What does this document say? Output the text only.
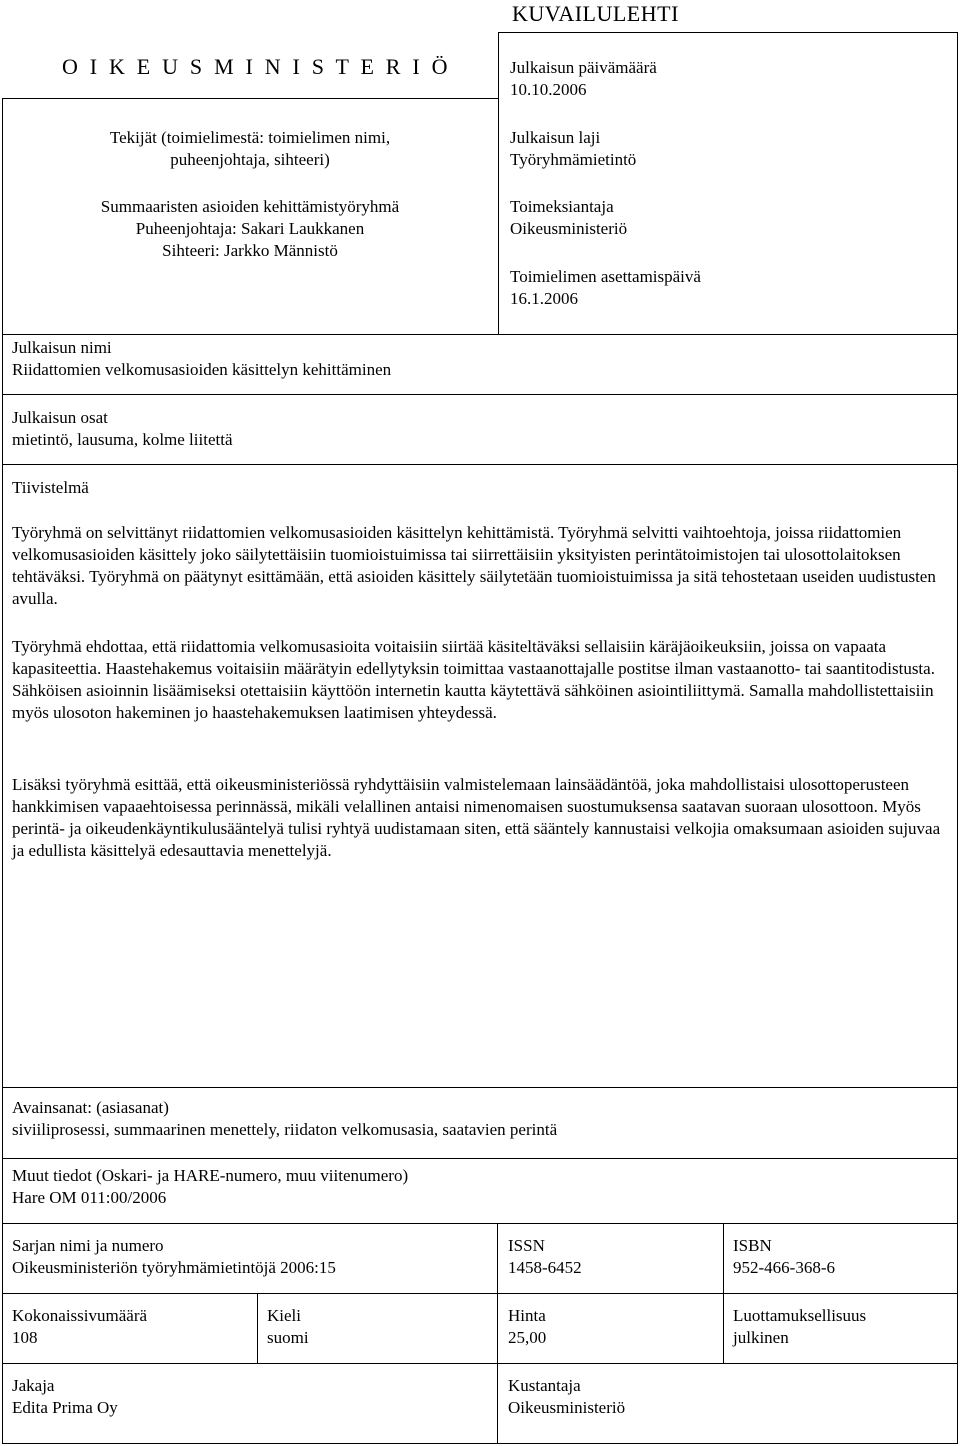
O I K E U S M I N I S T E R I Ö
KUVAILULEHTI
Tekijät (toimielimestä: toimielimen nimi,
puheenjohtaja, sihteeri)
Summaaristen asioiden kehittämistyöryhmä
Puheenjohtaja: Sakari Laukkanen
Sihteeri: Jarkko Männistö
Julkaisun päivämäärä
10.10.2006
Julkaisun laji
Työryhmämietintö
Toimeksiantaja
Oikeusministeriö
Toimielimen asettamispäivä
16.1.2006
Julkaisun nimi
Riidattomien velkomusasioiden käsittelyn kehittäminen
Julkaisun osat
mietintö, lausuma, kolme liitettä
Tiivistelmä

Työryhmä on selvittänyt riidattomien velkomusasioiden käsittelyn kehittämistä. Työryhmä selvitti vaihtoehtoja, joissa riidattomien velkomusasioiden käsittely joko säilytettäisiin tuomioistuimissa tai siirrettäisiin yksityisten perintätoimistojen tai ulosottolaitoksen tehtäväksi. Työryhmä on päätynyt esittämään, että asioiden käsittely säilytetään tuomioistuimissa ja sitä tehostetaan useiden uudistusten avulla.

Työryhmä ehdottaa, että riidattomia velkomusasioita voitaisiin siirtää käsiteltäväksi sellaisiin käräjäoikeuksiin, joissa on vapaata kapasiteettia. Haastehakemus voitaisiin määrätyin edellytyksin toimittaa vastaanottajalle postitse ilman vastaanotto- tai saantitodistusta. Sähköisen asioinnin lisäämiseksi otettaisiin käyttöön internetin kautta käytettävä sähköinen asiointiliittymä. Samalla mahdollistettaisiin myös ulosoton hakeminen jo haastehakemuksen laatimisen yhteydessä.

Lisäksi työryhmä esittää, että oikeusministeriössä ryhdyttäisiin valmistelemaan lainsäädäntöä, joka mahdollistaisi ulosottoperusteen hankkimisen vapaaehtoisessa perinnässä, mikäli velallinen antaisi nimenomaisen suostumuksensa saatavan suoraan ulosottoon. Myös perintä- ja oikeudenkäyntikulusääntelyä tulisi ryhtyä uudistamaan siten, että sääntely kannustaisi velkojia omaksumaan asioiden sujuvaa ja edullista käsittelyä edesauttavia menettelyjä.

Avainsanat: (asiasanat)
siviiliprosessi, summaarinen menettely, riidaton velkomusasia, saatavien perintä
Muut tiedot (Oskari- ja HARE-numero, muu viitenumero)
Hare OM 011:00/2006
Sarjan nimi ja numero
Oikeusministeriön työryhmämietintöjä 2006:15
ISSN
1458-6452
ISBN
952-466-368-6
Kokonaissivumäärä
108
Kieli
suomi
Hinta
25,00
Luottamuksellisuus
julkinen
Jakaja
Edita Prima Oy
Kustantaja
Oikeusministeriö
